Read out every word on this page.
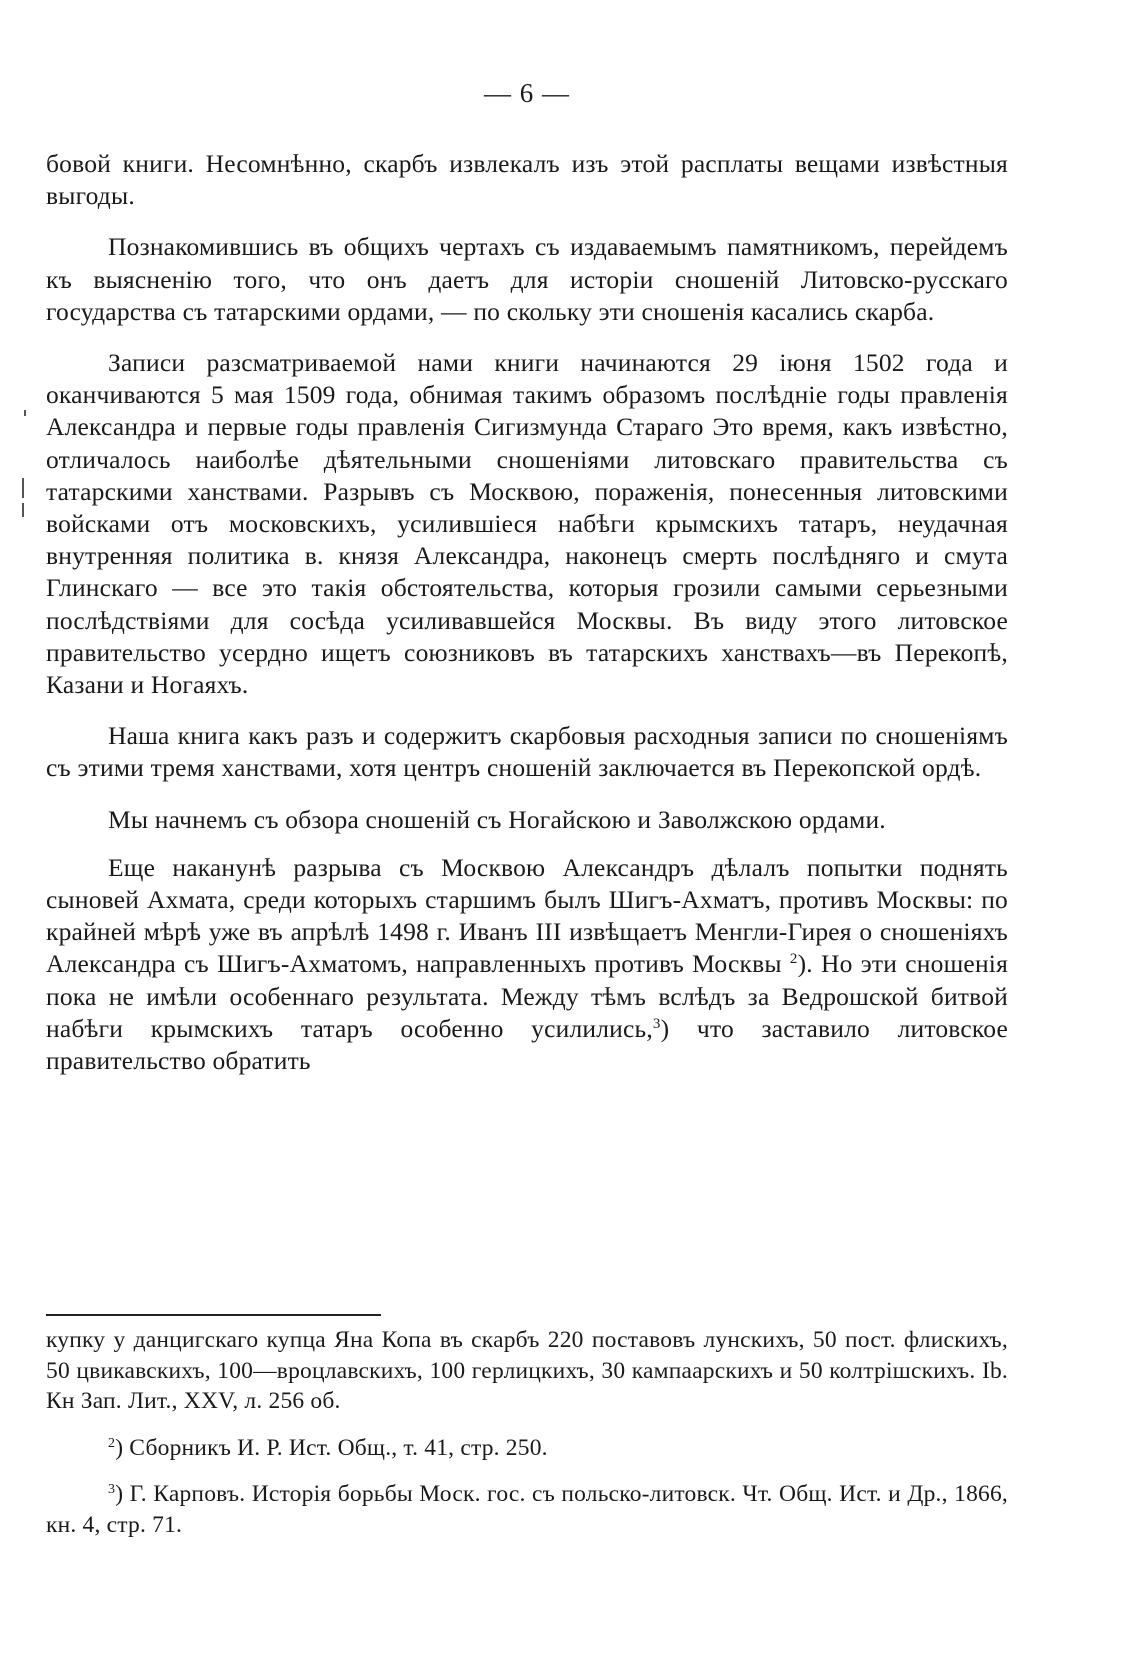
— 6 —

бовой книги. Несомнѣнно, скарбъ извлекалъ изъ этой расплаты вещами извѣстныя выгоды.

Познакомившись въ общихъ чертахъ съ издаваемымъ памятникомъ, перейдемъ къ выясненію того, что онъ даетъ для исторіи сношеній Литовско-русскаго государства съ татарскими ордами, — по скольку эти сношенія касались скарба.

Записи разсматриваемой нами книги начинаются 29 іюня 1502 года и оканчиваются 5 мая 1509 года, обнимая такимъ образомъ послѣдніе годы правленія Александра и первые годы правленія Сигизмунда Стараго Это время, какъ извѣстно, отличалось наиболѣе дѣятельными сношеніями литовскаго правительства съ татарскими ханствами. Разрывъ съ Москвою, пораженія, понесенныя литовскими войсками отъ московскихъ, усилившіеся набѣги крымскихъ татаръ, неудачная внутренняя политика в. князя Александра, наконецъ смерть послѣдняго и смута Глинскаго — все это такія обстоятельства, которыя грозили самыми серьезными послѣдствіями для сосѣда усиливавшейся Москвы. Въ виду этого литовское правительство усердно ищетъ союзниковъ въ татарскихъ ханствахъ—въ Перекопѣ, Казани и Ногаяхъ.

Наша книга какъ разъ и содержитъ скарбовыя расходныя записи по сношеніямъ съ этими тремя ханствами, хотя центръ сношеній заключается въ Перекопской ордѣ.

Мы начнемъ съ обзора сношеній съ Ногайскою и Заволжскою ордами.

Еще наканунѣ разрыва съ Москвою Александръ дѣлалъ попытки поднять сыновей Ахмата, среди которыхъ старшимъ былъ Шигъ-Ахматъ, противъ Москвы: по крайней мѣрѣ уже въ апрѣлѣ 1498 г. Иванъ III извѣщаетъ Менгли-Гирея о сношеніяхъ Александра съ Шигъ-Ахматомъ, направленныхъ противъ Москвы $^2$). Но эти сношенія пока не имѣли особеннаго результата. Между тѣмъ вслѣдъ за Ведрошской битвой набѣги крымскихъ татаръ особенно усилились,$^3$) что заставило литовское правительство обратить

купку у данцигскаго купца Яна Копа въ скарбъ 220 поставовъ лунскихъ, 50 пост. флискихъ, 50 цвикавскихъ, 100—вроцлавскихъ, 100 герлицкихъ, 30 кампаарскихъ и 50 колтрішскихъ. Ib. Кн Зап. Лит., XXV, л. 256 об.

$^2$) Сборникъ И. Р. Ист. Общ., т. 41, стр. 250.

$^3$) Г. Карповъ. Исторія борьбы Моск. гос. съ польско-литовск. Чт. Общ. Ист. и Др., 1866, кн. 4, стр. 71.
